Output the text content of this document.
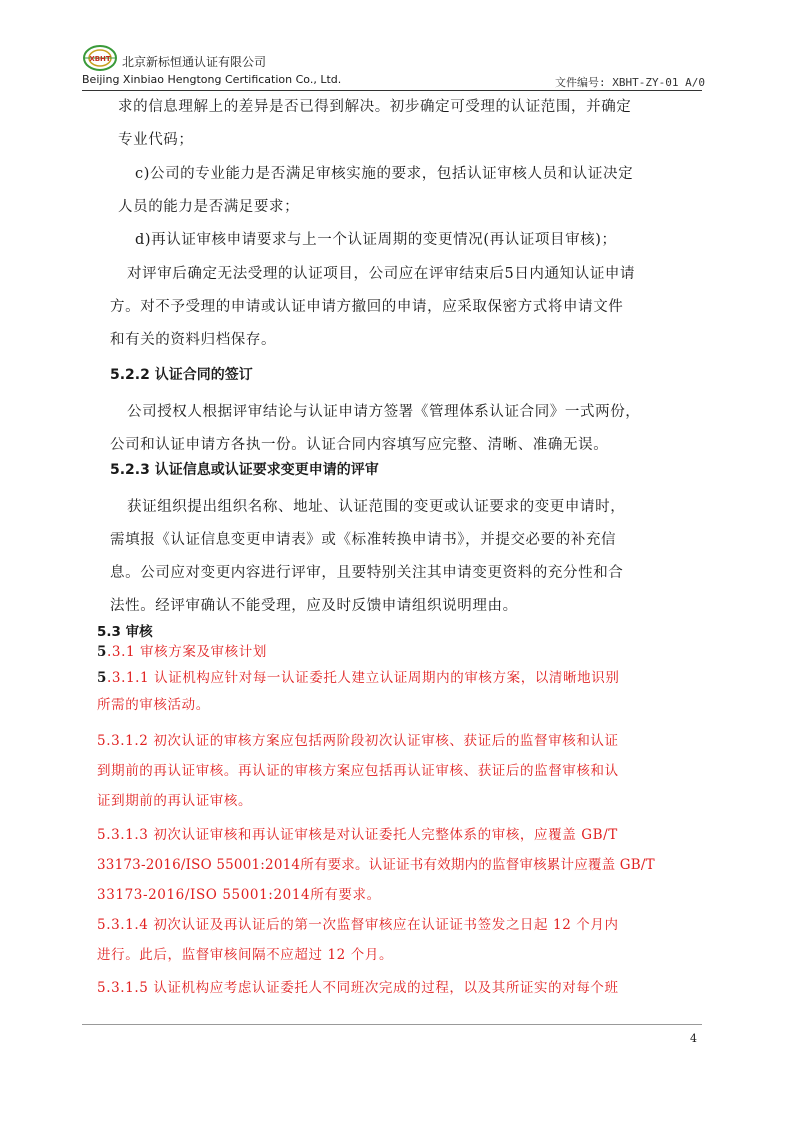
XBHT 北京新标恒通认证有限公司
Beijing Xinbiao Hengtong Certification Co., Ltd.	文件编号: XBHT-ZY-01 A/0
求的信息理解上的差异是否已得到解决。初步确定可受理的认证范围，并确定
专业代码；
c)公司的专业能力是否满足审核实施的要求，包括认证审核人员和认证决定
人员的能力是否满足要求；
d)再认证审核申请要求与上一个认证周期的变更情况(再认证项目审核)；
对评审后确定无法受理的认证项目，公司应在评审结束后5日内通知认证申请
方。对不予受理的申请或认证申请方撤回的申请，应采取保密方式将申请文件
和有关的资料归档保存。
5.2.2 认证合同的签订
公司授权人根据评审结论与认证申请方签署《管理体系认证合同》一式两份，
公司和认证申请方各执一份。认证合同内容填写应完整、清晰、准确无误。
5.2.3 认证信息或认证要求变更申请的评审
获证组织提出组织名称、地址、认证范围的变更或认证要求的变更申请时，
需填报《认证信息变更申请表》或《标准转换申请书》，并提交必要的补充信
息。公司应对变更内容进行评审，且要特别关注其申请变更资料的充分性和合
法性。经评审确认不能受理，应及时反馈申请组织说明理由。
5.3 审核
5.3.1 审核方案及审核计划
5.3.1.1 认证机构应针对每一认证委托人建立认证周期内的审核方案，以清晰地识别
所需的审核活动。
5.3.1.2 初次认证的审核方案应包括两阶段初次认证审核、获证后的监督审核和认证
到期前的再认证审核。再认证的审核方案应包括再认证审核、获证后的监督审核和认
证到期前的再认证审核。
5.3.1.3 初次认证审核和再认证审核是对认证委托人完整体系的审核，应覆盖 GB/T
33173-2016/ISO 55001:2014所有要求。认证证书有效期内的监督审核累计应覆盖 GB/T
33173-2016/ISO 55001:2014所有要求。
5.3.1.4 初次认证及再认证后的第一次监督审核应在认证证书签发之日起 12 个月内
进行。此后，监督审核间隔不应超过 12 个月。
5.3.1.5 认证机构应考虑认证委托人不同班次完成的过程，以及其所证实的对每个班
4
